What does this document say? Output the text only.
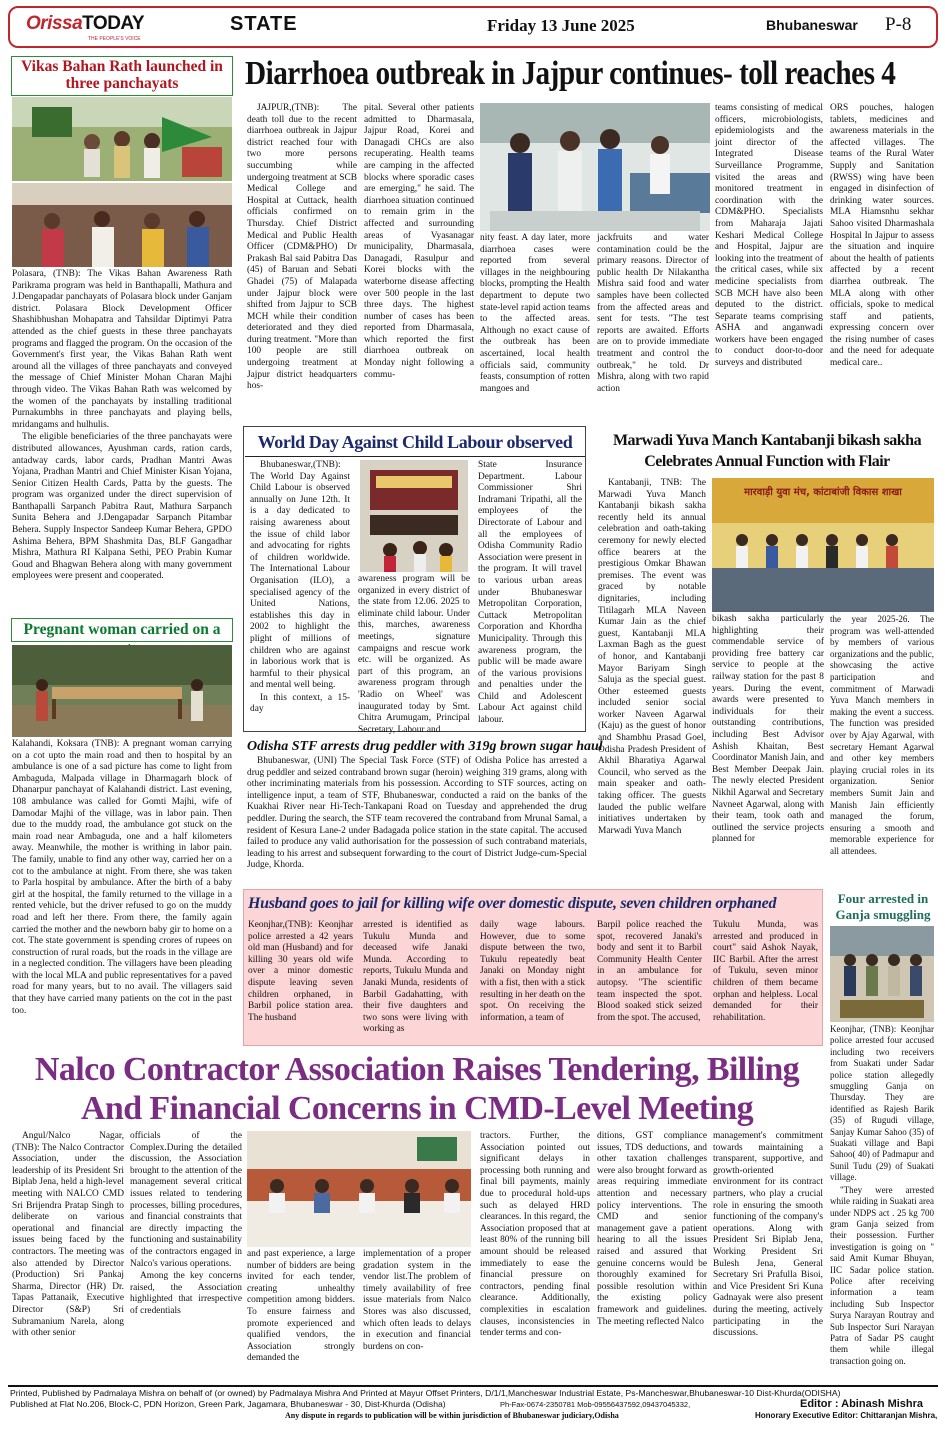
OrissaTODAY
THE PEOPLE'S VOICE
STATE	Friday 13 June 2025	Bhubaneswar P-8
Vikas Bahan Rath launched in three panchayats

Polasara, (TNB): The Vikas Bahan Awareness Rath Parikrama program was held in Banthapalli, Mathura and J.Dengapadar panchayats of Polasara block under Ganjam district. Polasara Block Development Officer Shashibhushan Mohapatra and Tahsildar Diptimyi Patra attended as the chief guests in these three panchayats programs and flagged the program. On the occasion of the Government's first year, the Vikas Bahan Rath went around all the villages of three panchayats and conveyed the message of Chief Minister Mohan Charan Majhi through video. The Vikas Bahan Rath was welcomed by the women of the panchayats by installing traditional Purnakumbhs in three panchayats and playing bells, mridangams and hulhulis.

The eligible beneficiaries of the three panchayats were distributed allowances, Ayushman cards, ration cards, antadway cards, labor cards, Pradhan Mantri Awas Yojana, Pradhan Mantri and Chief Minister Kisan Yojana, Senior Citizen Health Cards, Patta by the guests. The program was organized under the direct supervision of Banthapalli Sarpanch Pabitra Raut, Mathura Sarpanch Sunita Behera and J.Dengapadar Sarpanch Pitambar Behera. Supply Inspector Sandeep Kumar Behera, GPDO Ashima Behera, BPM Shashmita Das, BLF Gangadhar Mishra, Mathura RI Kalpana Sethi, PEO Prabin Kumar Goud and Bhagwan Behera along with many government employees were present and cooperated.

Pregnant woman carried on a

Kalahandi, Koksara (TNB): A pregnant woman carrying on a cot upto the main road and then to hospital by an ambulance is one of a sad picture has come to light from Ambaguda, Malpada village in Dharmagarh block of Dhanarpur panchayat of Kalahandi district. Last evening, 108 ambulance was called for Gomti Majhi, wife of Damodar Majhi of the village, was in labor pain. Then due to the muddy road, the ambulance got stuck on the main road near Ambaguda, one and a half kilometers away. Meanwhile, the mother is writhing in labor pain. The family, unable to find any other way, carried her on a cot to the ambulance at night. From there, she was taken to Parla hospital by ambulance. After the birth of a baby girl at the hospital, the family returned to the village in a rented vehicle, but the driver refused to go on the muddy road and left her there. From there, the family again carried the mother and the newborn baby gir to home on a cot. The state government is spending crores of rupees on construction of rural roads, but the roads in the village are in a neglected condition. The villagers have been pleading with the local MLA and public representatives for a paved road for many years, but to no avail. The villagers said that they have carried many patients on the cot in the past too.

Diarrhoea outbreak in Jajpur continues- toll reaches 4

JAJPUR,(TNB): The death toll due to the recent diarrhoea outbreak in Jajpur district reached four with two more persons succumbing while undergoing treatment at SCB Medical College and Hospital at Cuttack, health officials confirmed on Thursday. Chief District Medical and Public Health Officer (CDM&PHO) Dr Prakash Bal said Pabitra Das (45) of Baruan and Sebati Ghadei (75) of Malapada under Jajpur block were shifted from Jajpur to SCB MCH while their condition deteriorated and they died during treatment. "More than 100 people are still undergoing treatment at Jajpur district headquarters hos-

pital. Several other patients admitted to Dharmasala, Jajpur Road, Korei and Danagadi CHCs are also recuperating. Health teams are camping in the affected blocks where sporadic cases are emerging," he said. The diarrhoea situation continued to remain grim in the affected and surrounding areas of Vyasanagar municipality, Dharmasala, Danagadi, Rasulpur and Korei blocks with the waterborne disease affecting over 500 people in the last three days. The highest number of cases has been reported from Dharmasala, which reported the first diarrhoea outbreak on Monday night following a commu-

nity feast. A day later, more diarrhoea cases were reported from several villages in the neighbouring blocks, prompting the Health department to depute two state-level rapid action teams to the affected areas. Although no exact cause of the outbreak has been ascertained, local health officials said, community feasts, consumption of rotten mangoes and

jackfruits and water contamination could be the primary reasons. Director of public health Dr Nilakantha Mishra said food and water samples have been collected from the affected areas and sent for tests. "The test reports are awaited. Efforts are on to provide immediate treatment and control the outbreak," he told. Dr Mishra, along with two rapid action

teams consisting of medical officers, microbiologists, epidemiologists and the joint director of the Integrated Disease Surveillance Programme, visited the areas and monitored treatment in coordination with the CDM&PHO. Specialists from Maharaja Jajati Keshari Medical College and Hospital, Jajpur are looking into the treatment of the critical cases, while six medicine specialists from SCB MCH have also been deputed to the district. Separate teams comprising ASHA and anganwadi workers have been engaged to conduct door-to-door surveys and distributed

ORS pouches, halogen tablets, medicines and awareness materials in the affected villages. The teams of the Rural Water Supply and Sanitation (RWSS) wing have been engaged in disinfection of drinking water sources. MLA Hiamsnhu sekhar Sahoo visited Dharmashala Hospital In Jajpur to assess the situation and inquire about the health of patients affected by a recent diarrhea outbreak. The MLA along with other officials, spoke to medical staff and patients, expressing concern over the rising number of cases and the need for adequate medical care..

World Day Against Child Labour observed

Bhubaneswar,(TNB): The World Day Against Child Labour is observed annually on June 12th. It is a day dedicated to raising awareness about the issue of child labor and advocating for rights of children worldwide. The International Labour Organisation (ILO), a specialised agency of the United Nations, establishes this day in 2002 to highlight the plight of millions of children who are against in laborious work that is harmful to their physical and mental well being.

In this context, a 15-day

awareness program will be organized in every district of the state from 12.06. 2025 to eliminate child labour. Under this, marches, awareness meetings, signature campaigns and rescue work etc. will be organized. As part of this program, an awareness program through 'Radio on Wheel' was inaugurated today by Smt. Chitra Arumugam, Principal Secretary, Labour and

State Insurance Department. Labour Commissioner Shri Indramani Tripathi, all the employees of the Directorate of Labour and all the employees of Odisha Community Radio Association were present in the program. It will travel to various urban areas under Bhubaneswar Metropolitan Corporation, Cuttack Metropolitan Corporation and Khordha Municipality. Through this awareness program, the public will be made aware of the various provisions and penalties under the Child and Adolescent Labour Act against child labour.

Marwadi Yuva Manch Kantabanji bikash sakha
Celebrates Annual Function with Flair

Kantabanji, TNB: The Marwadi Yuva Manch Kantabanji bikash sakha recently held its annual celebration and oath-taking ceremony for newly elected office bearers at the prestigious Omkar Bhawan premises. The event was graced by notable dignitaries, including Titilagarh MLA Naveen Kumar Jain as the chief guest, Kantabanji MLA Laxman Bagh as the guest of honor, and Kantabanji Mayor Bariyam Singh Saluja as the special guest. Other esteemed guests included senior social worker Naveen Agarwal (Kaju) as the guest of honor and Shambhu Prasad Goel, Odisha Pradesh President of Akhil Bharatiya Agarwal Council, who served as the main speaker and oath-taking officer. The guests lauded the public welfare initiatives undertaken by Marwadi Yuva Manch

मारवाड़ी युवा मंच, कांटाबांजी विकास शाखा

bikash sakha particularly highlighting their commendable service of providing free battery car service to people at the railway station for the past 8 years. During the event, awards were presented to individuals for their outstanding contributions, including Best Advisor Ashish Khaitan, Best Coordinator Manish Jain, and Best Member Deepak Jain. The newly elected President Nikhil Agarwal and Secretary Navneet Agarwal, along with their team, took oath and outlined the service projects planned for

the year 2025-26. The program was well-attended by members of various organizations and the public, showcasing the active participation and commitment of Marwadi Yuva Manch members in making the event a success. The function was presided over by Ajay Agarwal, with secretary Hemant Agarwal and other key members playing crucial roles in its organization. Senior members Sumit Jain and Manish Jain efficiently managed the forum, ensuring a smooth and memorable experience for all attendees.

Odisha STF arrests drug peddler with 319g brown sugar haul

Bhubaneswar, (UNI) The Special Task Force (STF) of Odisha Police has arrested a drug peddler and seized contraband brown sugar (heroin) weighing 319 grams, along with other incriminating materials from his possession. According to STF sources, acting on intelligence input, a team of STF, Bhubaneswar, conducted a raid on the banks of the Kuakhai River near Hi-Tech-Tankapani Road on Tuesday and apprehended the drug peddler. During the search, the STF team recovered the contraband from Mrunal Samal, a resident of Kesura Lane-2 under Badagada police station in the state capital. The accused failed to produce any valid authorisation for the possession of such contraband materials, leading to his arrest and subsequent forwarding to the court of District Judge-cum-Special Judge, Khorda.

Husband goes to jail for killing wife over domestic dispute, seven children orphaned

Keonjhar,(TNB): Keonjhar police arrested a 42 years old man (Husband) and for killing 30 years old wife over a minor domestic dispute leaving seven children orphaned, in Barbil police station area. The husband

arrested is identified as Tukulu Munda and deceased wife Janaki Munda. According to reports, Tukulu Munda and Janaki Munda, residents of Barbil Gadahatting, with their five daughters and two sons were living with working as

daily wage labours. However, due to some dispute between the two, Tukulu repeatedly beat Janaki on Monday night with a fist, then with a stick resulting in her death on the spot. On receiving the information, a team of

Barpil police reached the spot, recovered Janaki's body and sent it to Barbil Community Health Center in an ambulance for autopsy. "The scientific team inspected the spot. Blood soaked stick seized from the spot. The accused,

Tukulu Munda, was arrested and produced in court" said Ashok Nayak, IIC Barbil. After the arrest of Tukulu, seven minor children of them became orphan and helpless. Local demanded for their rehabilitation.

Four arrested in Ganja smuggling

Keonjhar, (TNB): Keonjhar police arrested four accused including two receivers from Suakati under Sadar police station allegedly smuggling Ganja on Thursday. They are identified as Rajesh Barik (35) of Rugudi village, Sanjay Kumar Sahoo (35) of Suakati village and Bapi Sahoo( 40) of Padmapur and Sunil Tudu (29) of Suakati village.

"They were arrested while raiding in Suakati area under NDPS act . 25 kg 700 gram Ganja seized from their possession. Further investigation is going on " said Amit Kumar Bhuyan, IIC Sadar police station. Police after receiving information a team including Sub Inspector Surya Narayan Routray and Sub Inspector Suri Narayan Patra of Sadar PS caught them while illegal transaction going on.

Nalco Contractor Association Raises Tendering, Billing
And Financial Concerns in CMD-Level Meeting

Angul/Nalco Nagar, (TNB): The Nalco Contractor Association, under the leadership of its President Sri Biplab Jena, held a high-level meeting with NALCO CMD Sri Brijendra Pratap Singh to deliberate on various operational and financial issues being faced by the contractors. The meeting was also attended by Director (Production) Sri Pankaj Sharma, Director (HR) Dr. Tapas Pattanaik, Executive Director (S&P) Sri Subramanium Narela, along with other senior

officials of the Complex.During the detailed discussion, the Association brought to the attention of the management several critical issues related to tendering processes, billing procedures, and financial constraints that are directly impacting the functioning and sustainability of the contractors engaged in Nalco's various operations.

Among the key concerns raised, the Association highlighted that irrespective of credentials

and past experience, a large number of bidders are being invited for each tender, creating unhealthy competition among bidders. To ensure fairness and promote experienced and qualified vendors, the Association strongly demanded the

implementation of a proper gradation system in the vendor list.The problem of timely availability of free issue materials from Nalco Stores was also discussed, which often leads to delays in execution and financial burdens on con-

tractors. Further, the Association pointed out significant delays in processing both running and final bill payments, mainly due to procedural hold-ups such as delayed HRD clearances. In this regard, the Association proposed that at least 80% of the running bill amount should be released immediately to ease the financial pressure on contractors, pending final clearance. Additionally, complexities in escalation clauses, inconsistencies in tender terms and con-

ditions, GST compliance issues, TDS deductions, and other taxation challenges were also brought forward as areas requiring immediate attention and necessary policy interventions. The CMD and senior management gave a patient hearing to all the issues raised and assured that genuine concerns would be thoroughly examined for possible resolution within the existing policy framework and guidelines. The meeting reflected Nalco

management's commitment towards maintaining a transparent, supportive, and growth-oriented environment for its contract partners, who play a crucial role in ensuring the smooth functioning of the company's operations. Along with President Sri Biplab Jena, Working President Sri Bulesh Jena, General Secretary Sri Prafulla Bisoi, and Vice President Sri Kuna Gadnayak were also present during the meeting, actively participating in the discussions.

Printed, Published by Padmalaya Mishra on behalf of (or owned) by Padmalaya Mishra And Printed at Mayur Offset Printers, D/1/1,Mancheswar Industrial Estate, Ps-Mancheswar,Bhubaneswar-10 Dist-Khurda(ODISHA)
Published at Flat No.206, Block-C, PDN Horizon, Green Park, Jagamara, Bhubaneswar - 30, Dist-Khurda (Odisha)	Ph-Fax-0674-2350781 Mob-09556437592,09437045332,	Editor : Abinash Mishra
Any dispute in regards to publication will be within jurisdiction of Bhubaneswar judiciary,Odisha	Honorary Executive Editor: Chittaranjan Mishra,
